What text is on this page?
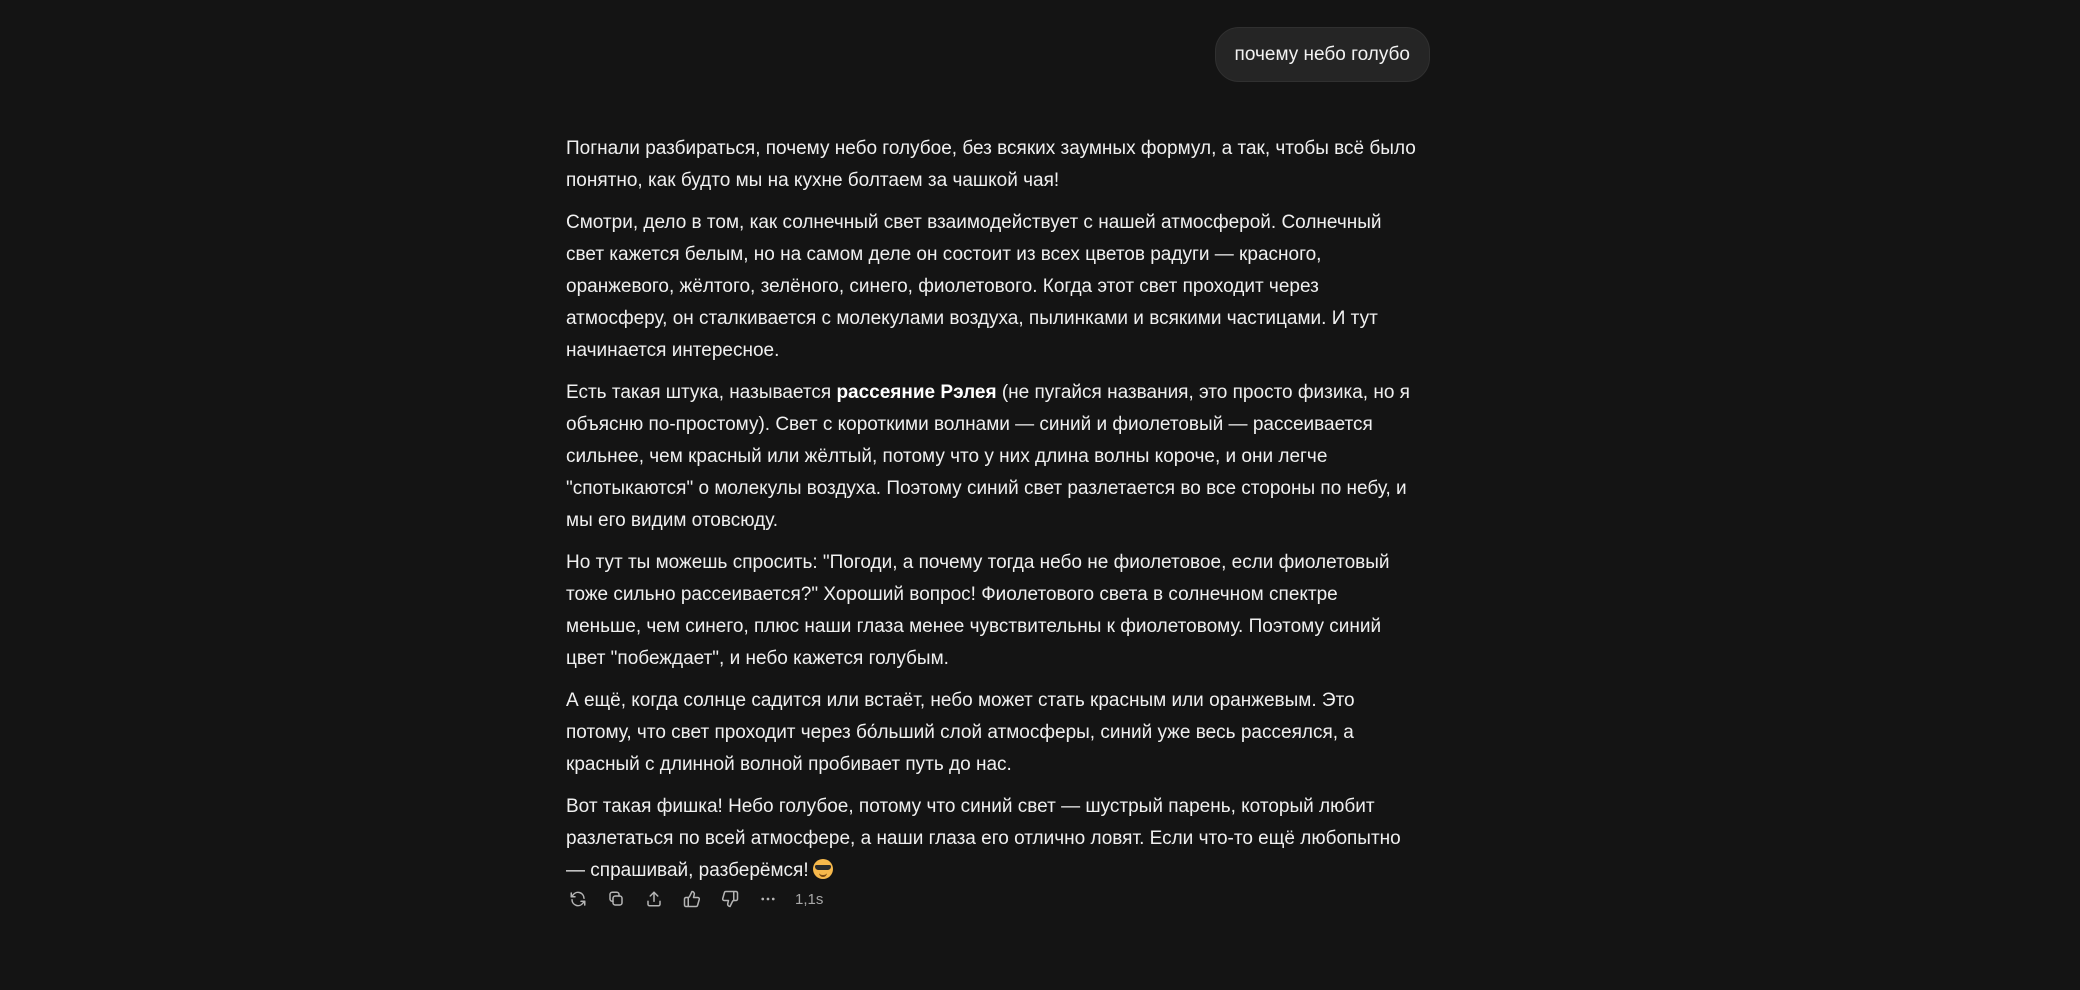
почему небо голубо

Погнали разбираться, почему небо голубое, без всяких заумных формул, а так, чтобы всё было понятно, как будто мы на кухне болтаем за чашкой чая!

Смотри, дело в том, как солнечный свет взаимодействует с нашей атмосферой. Солнечный свет кажется белым, но на самом деле он состоит из всех цветов радуги — красного, оранжевого, жёлтого, зелёного, синего, фиолетового. Когда этот свет проходит через атмосферу, он сталкивается с молекулами воздуха, пылинками и всякими частицами. И тут начинается интересное.

Есть такая штука, называется рассеяние Рэлея (не пугайся названия, это просто физика, но я объясню по-простому). Свет с короткими волнами — синий и фиолетовый — рассеивается сильнее, чем красный или жёлтый, потому что у них длина волны короче, и они легче "спотыкаются" о молекулы воздуха. Поэтому синий свет разлетается во все стороны по небу, и мы его видим отовсюду.

Но тут ты можешь спросить: "Погоди, а почему тогда небо не фиолетовое, если фиолетовый тоже сильно рассеивается?" Хороший вопрос! Фиолетового света в солнечном спектре меньше, чем синего, плюс наши глаза менее чувствительны к фиолетовому. Поэтому синий цвет "побеждает", и небо кажется голубым.

А ещё, когда солнце садится или встаёт, небо может стать красным или оранжевым. Это потому, что свет проходит через бо́льший слой атмосферы, синий уже весь рассеялся, а красный с длинной волной пробивает путь до нас.

Вот такая фишка! Небо голубое, потому что синий свет — шустрый парень, который любит разлетаться по всей атмосфере, а наши глаза его отлично ловят. Если что-то ещё любопытно — спрашивай, разберёмся!

1,1s
